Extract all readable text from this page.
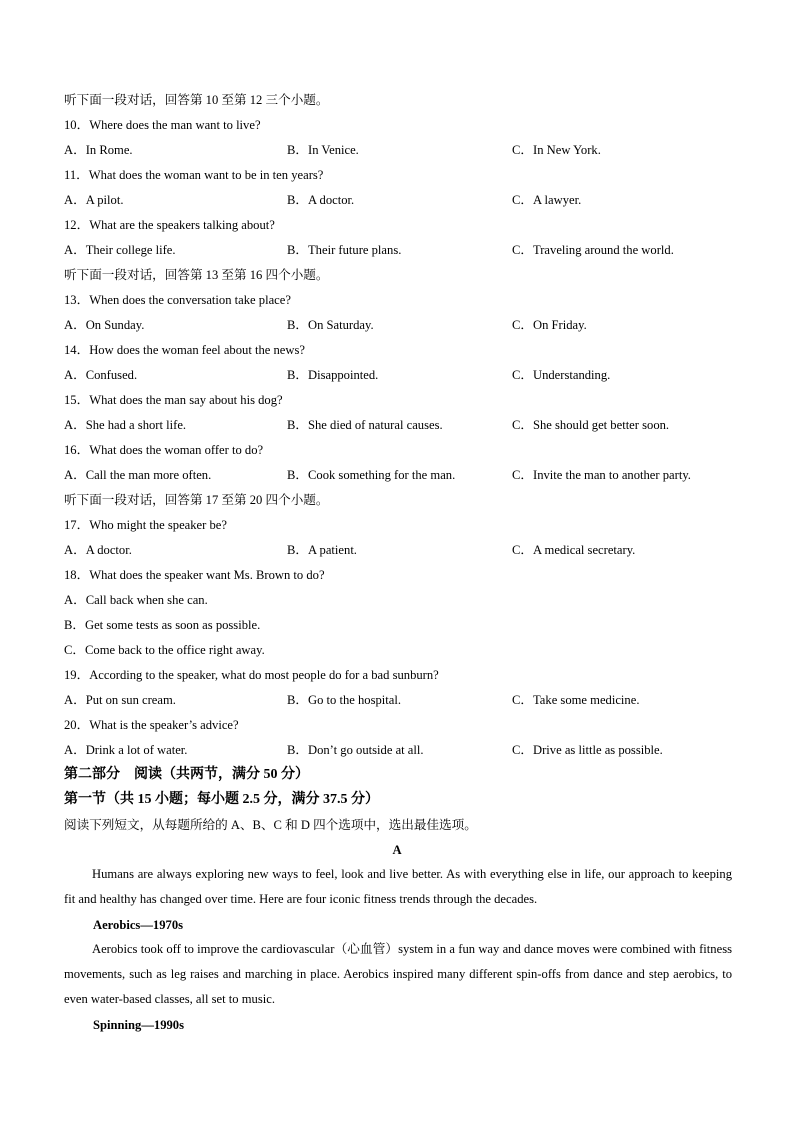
听下面一段对话，回答第 10 至第 12 三个小题。
10．Where does the man want to live?
A．In Rome.	B．In Venice.	C．In New York.
11．What does the woman want to be in ten years?
A．A pilot.	B．A doctor.	C．A lawyer.
12．What are the speakers talking about?
A．Their college life.	B．Their future plans.	C．Traveling around the world.
听下面一段对话，回答第 13 至第 16 四个小题。
13．When does the conversation take place?
A．On Sunday.	B．On Saturday.	C．On Friday.
14．How does the woman feel about the news?
A．Confused.	B．Disappointed.	C．Understanding.
15．What does the man say about his dog?
A．She had a short life.	B．She died of natural causes.	C．She should get better soon.
16．What does the woman offer to do?
A．Call the man more often.	B．Cook something for the man.	C．Invite the man to another party.
听下面一段对话，回答第 17 至第 20 四个小题。
17．Who might the speaker be?
A．A doctor.	B．A patient.	C．A medical secretary.
18．What does the speaker want Ms. Brown to do?
A．Call back when she can.
B．Get some tests as soon as possible.
C．Come back to the office right away.
19．According to the speaker, what do most people do for a bad sunburn?
A．Put on sun cream.	B．Go to the hospital.	C．Take some medicine.
20．What is the speaker’s advice?
A．Drink a lot of water.	B．Don’t go outside at all.	C．Drive as little as possible.
第二部分　阅读（共两节，满分 50 分）
第一节（共 15 小题；每小题 2.5 分，满分 37.5 分）
阅读下列短文，从每题所给的 A、B、C 和 D 四个选项中，选出最佳选项。
A
Humans are always exploring new ways to feel, look and live better. As with everything else in life, our approach to keeping fit and healthy has changed over time. Here are four iconic fitness trends through the decades.
Aerobics—1970s
Aerobics took off to improve the cardiovascular（心血管）system in a fun way and dance moves were combined with fitness movements, such as leg raises and marching in place. Aerobics inspired many different spin-offs from dance and step aerobics, to even water-based classes, all set to music.
Spinning—1990s
